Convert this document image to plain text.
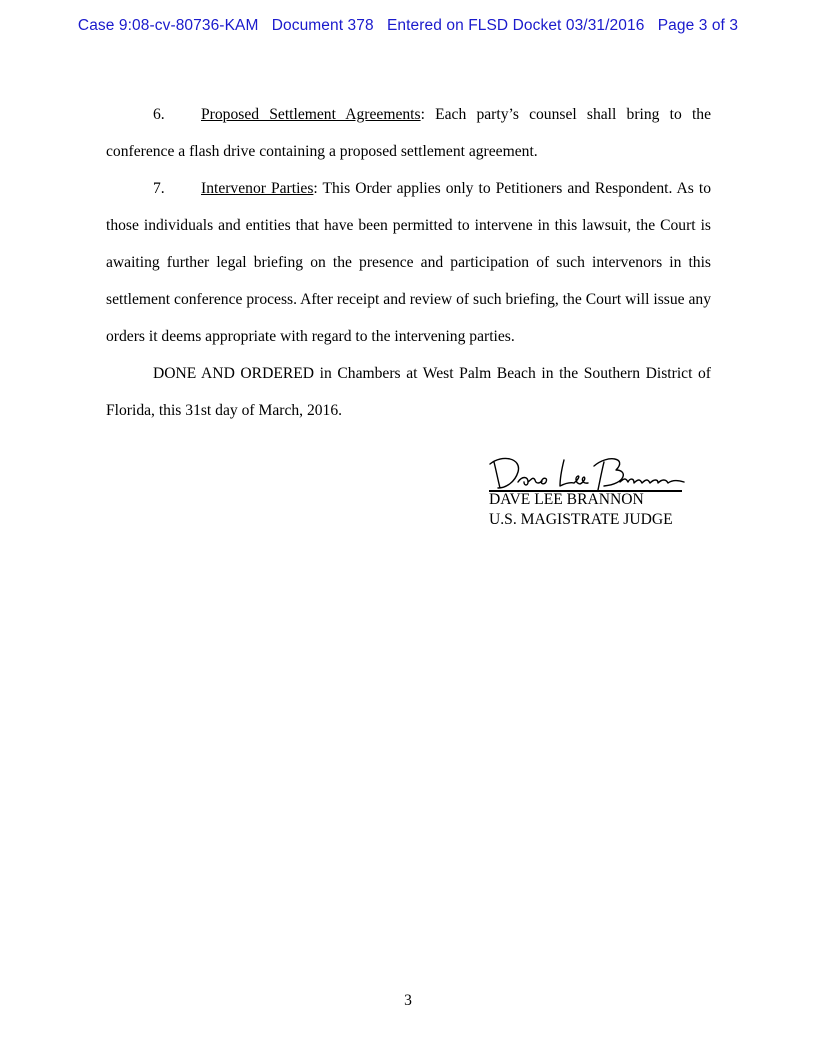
Case 9:08-cv-80736-KAM Document 378 Entered on FLSD Docket 03/31/2016 Page 3 of 3

6. Proposed Settlement Agreements: Each party’s counsel shall bring to the conference a flash drive containing a proposed settlement agreement.

7. Intervenor Parties: This Order applies only to Petitioners and Respondent. As to those individuals and entities that have been permitted to intervene in this lawsuit, the Court is awaiting further legal briefing on the presence and participation of such intervenors in this settlement conference process. After receipt and review of such briefing, the Court will issue any orders it deems appropriate with regard to the intervening parties.

DONE AND ORDERED in Chambers at West Palm Beach in the Southern District of Florida, this 31st day of March, 2016.

DAVE LEE BRANNON
U.S. MAGISTRATE JUDGE
3
